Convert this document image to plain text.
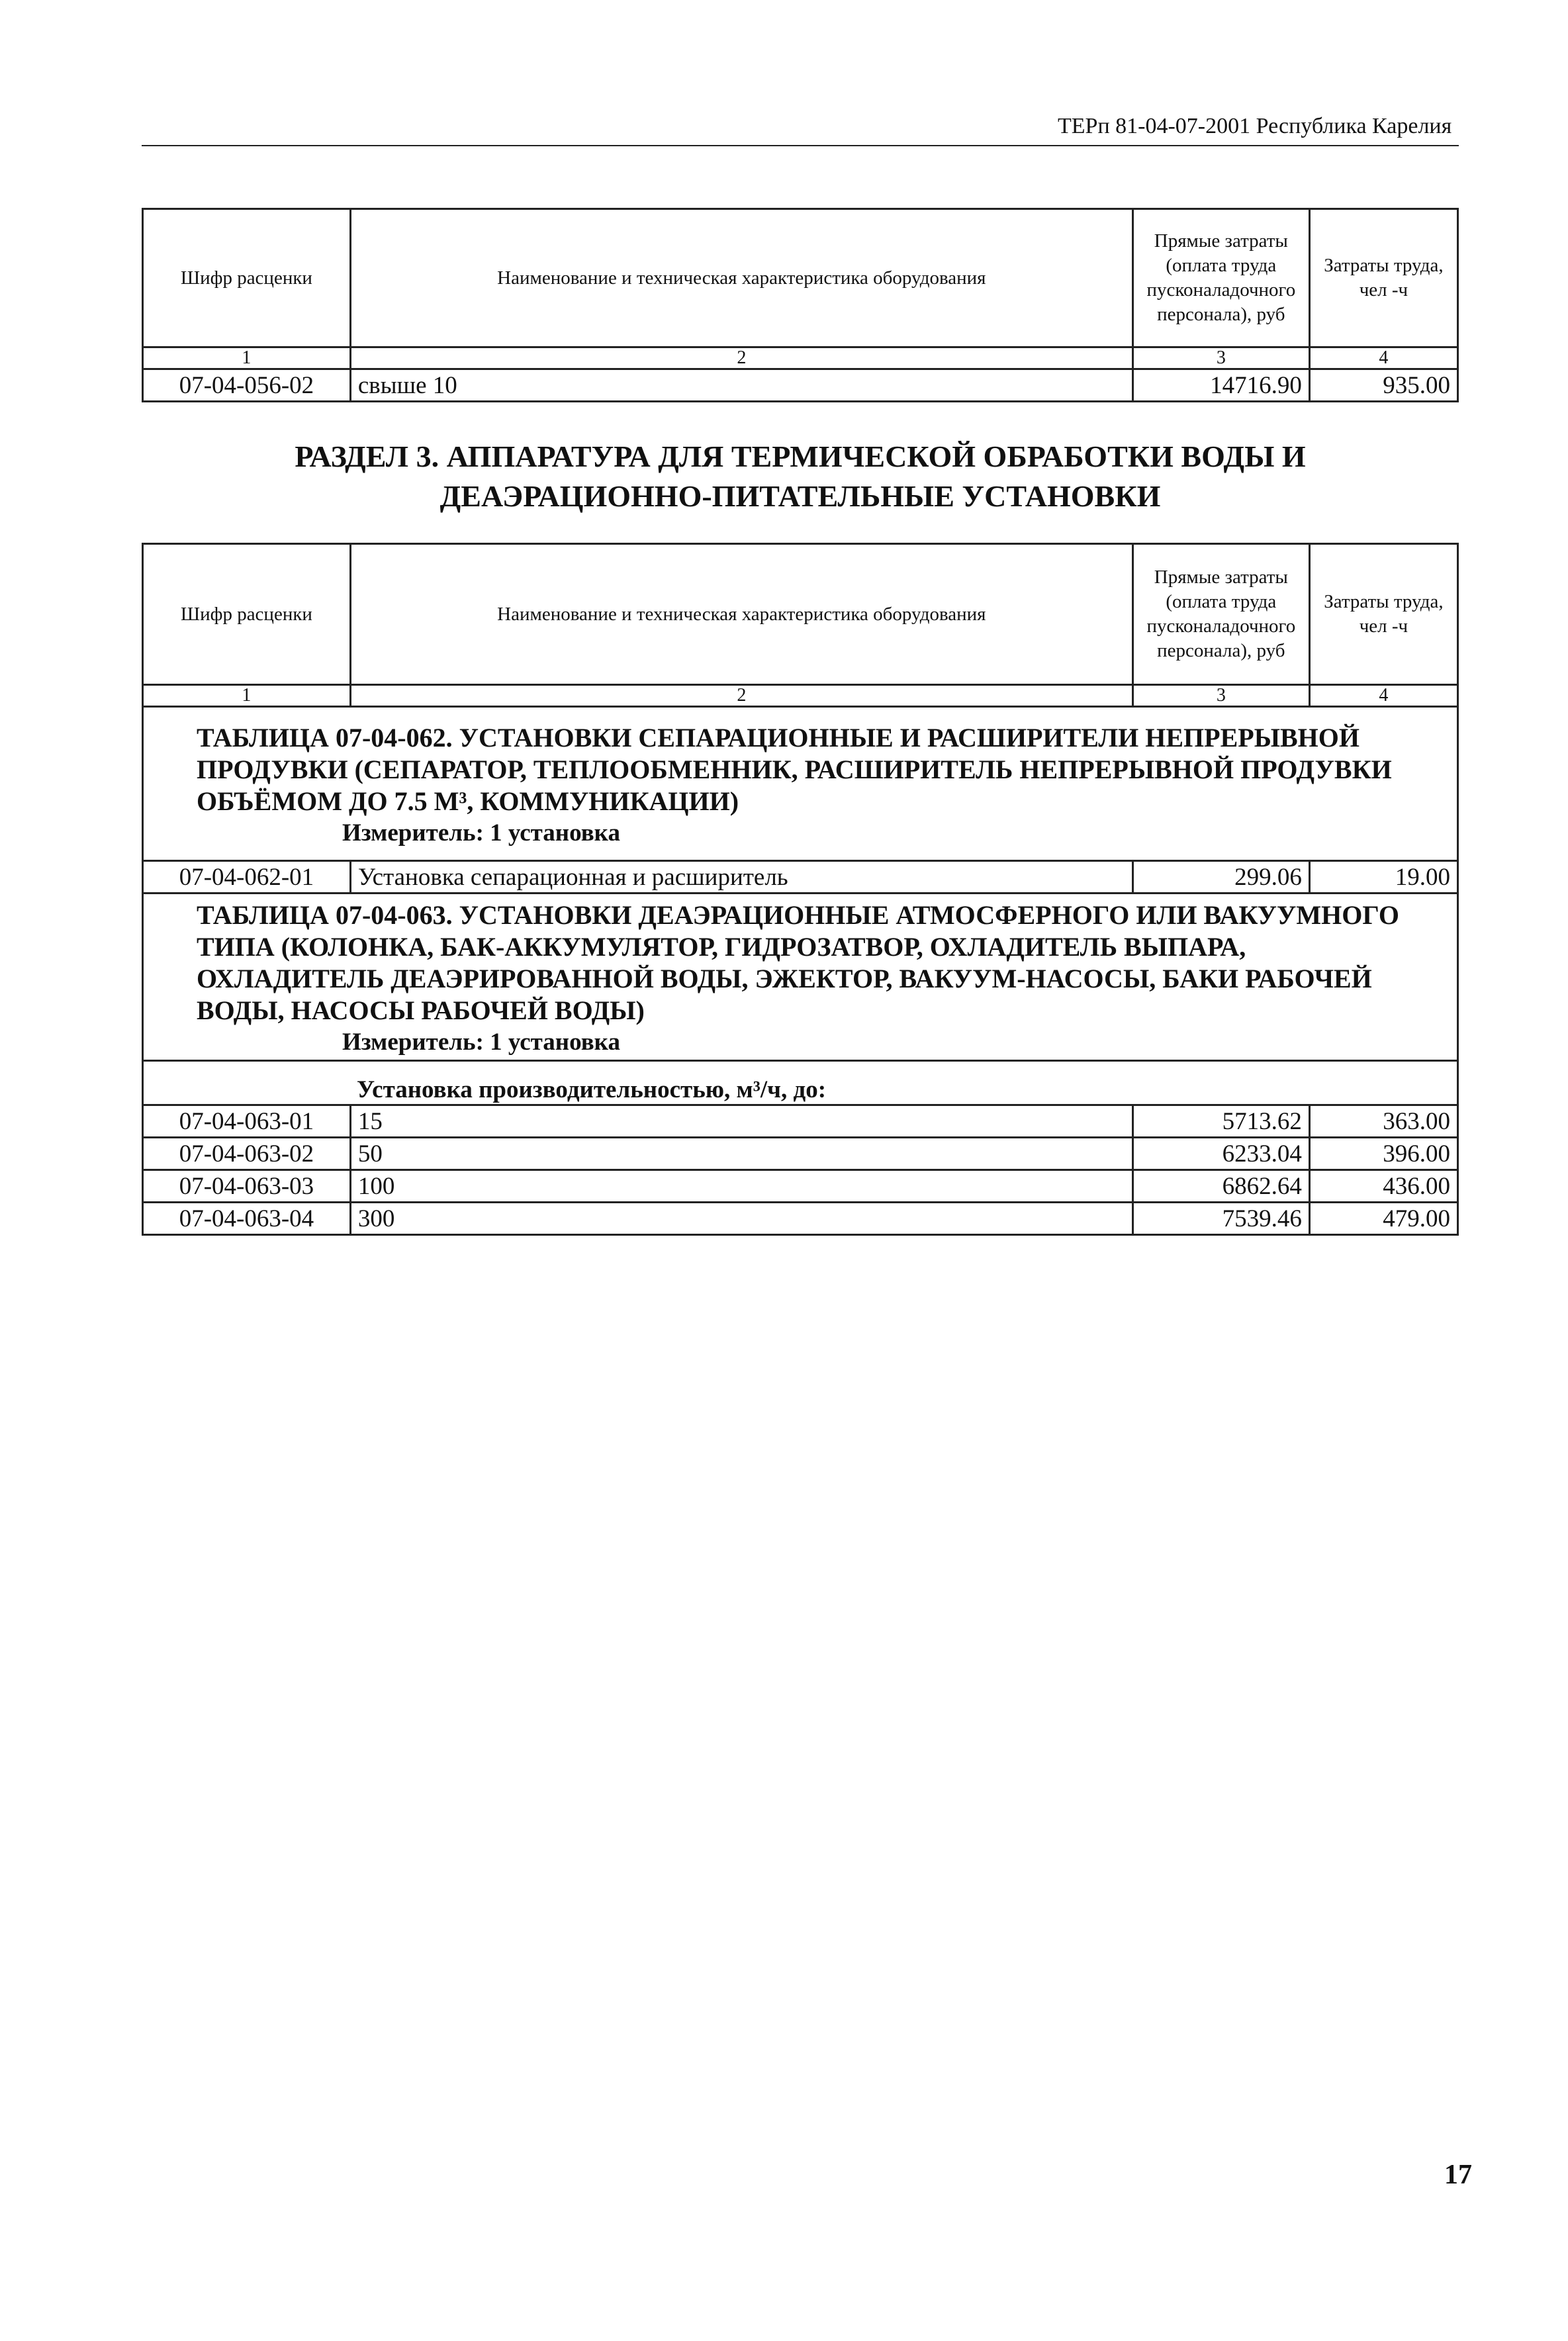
ТЕРп 81-04-07-2001 Республика Карелия
Шифр расценки	Наименование и техническая характеристика оборудования	Прямые затраты (оплата труда пусконаладочного персонала), руб	Затраты труда, чел -ч
1	2	3	4
07-04-056-02	свыше 10	14716.90	935.00
РАЗДЕЛ 3. АППАРАТУРА ДЛЯ ТЕРМИЧЕСКОЙ ОБРАБОТКИ ВОДЫ И
ДЕАЭРАЦИОННО-ПИТАТЕЛЬНЫЕ УСТАНОВКИ
Шифр расценки	Наименование и техническая характеристика оборудования	Прямые затраты (оплата труда пусконаладочного персонала), руб	Затраты труда, чел -ч
1	2	3	4

ТАБЛИЦА 07-04-062. УСТАНОВКИ СЕПАРАЦИОННЫЕ И РАСШИРИТЕЛИ НЕПРЕРЫВНОЙ ПРОДУВКИ (СЕПАРАТОР, ТЕПЛООБМЕННИК, РАСШИРИТЕЛЬ НЕПРЕРЫВНОЙ ПРОДУВКИ ОБЪЁМОМ ДО 7.5 М³, КОММУНИКАЦИИ)
Измеритель: 1 установка			

07-04-062-01	Установка сепарационная и расширитель	299.06	19.00

ТАБЛИЦА 07-04-063. УСТАНОВКИ ДЕАЭРАЦИОННЫЕ АТМОСФЕРНОГО ИЛИ ВАКУУМНОГО ТИПА (КОЛОНКА, БАК-АККУМУЛЯТОР, ГИДРОЗАТВОР, ОХЛАДИТЕЛЬ ВЫПАРА, ОХЛАДИТЕЛЬ ДЕАЭРИРОВАННОЙ ВОДЫ, ЭЖЕКТОР, ВАКУУМ-НАСОСЫ, БАКИ РАБОЧЕЙ ВОДЫ, НАСОСЫ РАБОЧЕЙ ВОДЫ)
Измеритель: 1 установка			

Установка производительностью, м³/ч, до:			
07-04-063-01	15	5713.62	363.00
07-04-063-02	50	6233.04	396.00
07-04-063-03	100	6862.64	436.00
07-04-063-04	300	7539.46	479.00
17
